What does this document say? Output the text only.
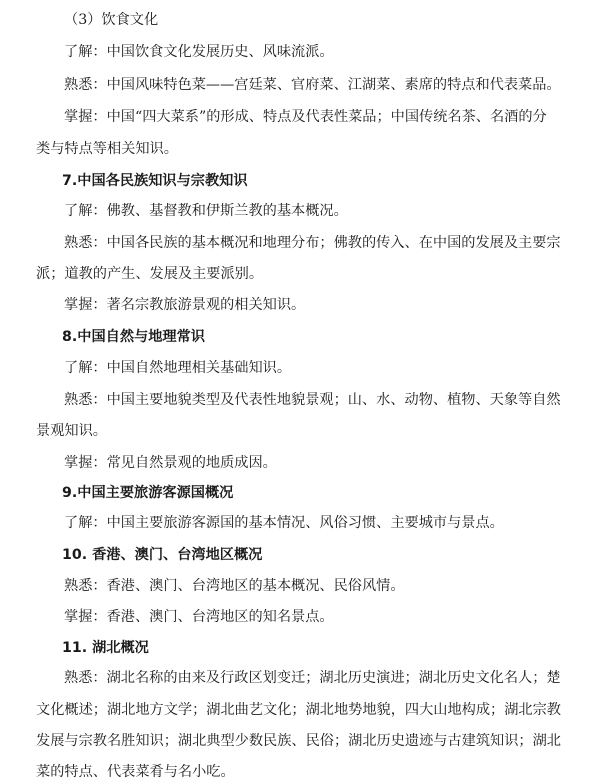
（3）饮食文化
了解：中国饮食文化发展历史、风味流派。
熟悉：中国风味特色菜——宫廷菜、官府菜、江湖菜、素席的特点和代表菜品。
掌握：中国“四大菜系”的形成、特点及代表性菜品；中国传统名茶、名酒的分
类与特点等相关知识。
7.中国各民族知识与宗教知识
了解：佛教、基督教和伊斯兰教的基本概况。
熟悉：中国各民族的基本概况和地理分布；佛教的传入、在中国的发展及主要宗
派；道教的产生、发展及主要派别。
掌握：著名宗教旅游景观的相关知识。
8.中国自然与地理常识
了解：中国自然地理相关基础知识。
熟悉：中国主要地貌类型及代表性地貌景观；山、水、动物、植物、天象等自然
景观知识。
掌握：常见自然景观的地质成因。
9.中国主要旅游客源国概况
了解：中国主要旅游客源国的基本情况、风俗习惯、主要城市与景点。
10. 香港、澳门、台湾地区概况
熟悉：香港、澳门、台湾地区的基本概况、民俗风情。
掌握：香港、澳门、台湾地区的知名景点。
11. 湖北概况
熟悉：湖北名称的由来及行政区划变迁；湖北历史演进；湖北历史文化名人；楚
文化概述；湖北地方文学；湖北曲艺文化；湖北地势地貌，四大山地构成；湖北宗教
发展与宗教名胜知识；湖北典型少数民族、民俗；湖北历史遗迹与古建筑知识；湖北
菜的特点、代表菜肴与名小吃。
